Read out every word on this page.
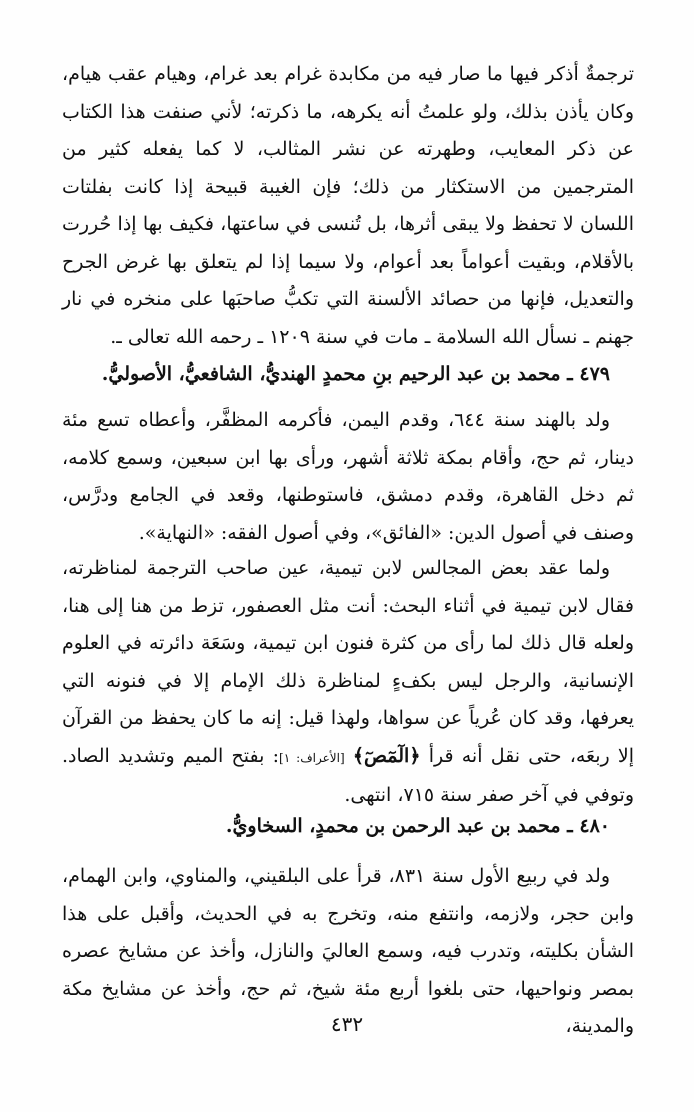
ترجمةٌ أذكر فيها ما صار فيه من مكابدة غرام بعد غرام، وهيام عقب هيام، وكان يأذن بذلك، ولو علمتُ أنه يكرهه، ما ذكرته؛ لأني صنفت هذا الكتاب عن ذكر المعايب، وطهرته عن نشر المثالب، لا كما يفعله كثير من المترجمين من الاستكثار من ذلك؛ فإن الغيبة قبيحة إذا كانت بفلتات اللسان لا تحفظ ولا يبقى أثرها، بل تُنسى في ساعتها، فكيف بها إذا حُررت بالأقلام، وبقيت أعواماً بعد أعوام، ولا سيما إذا لم يتعلق بها غرض الجرح والتعديل، فإنها من حصائد الألسنة التي تكبُّ صاحبَها على منخره في نار جهنم ـ نسأل الله السلامة ـ مات في سنة ١٢٠٩ ـ رحمه الله تعالى ـ.

٤٧٩ ـ محمد بن عبد الرحيم بنِ محمدٍ الهنديُّ، الشافعيُّ، الأصوليُّ.

ولد بالهند سنة ٦٤٤، وقدم اليمن، فأكرمه المظفَّر، وأعطاه تسع مئة دينار، ثم حج، وأقام بمكة ثلاثة أشهر، ورأى بها ابن سبعين، وسمع كلامه، ثم دخل القاهرة، وقدم دمشق، فاستوطنها، وقعد في الجامع ودرَّس، وصنف في أصول الدين: «الفائق»، وفي أصول الفقه: «النهاية».

ولما عقد بعض المجالس لابن تيمية، عين صاحب الترجمة لمناظرته، فقال لابن تيمية في أثناء البحث: أنت مثل العصفور، تزط من هنا إلى هنا، ولعله قال ذلك لما رأى من كثرة فنون ابن تيمية، وسَعَة دائرته في العلوم الإنسانية، والرجل ليس بكفءٍ لمناظرة ذلك الإمام إلا في فنونه التي يعرفها، وقد كان عُرياً عن سواها، ولهذا قيل: إنه ما كان يحفظ من القرآن إلا ربعَه، حتى نقل أنه قرأ ﴿الٓمٓصٓ﴾ [الأعراف: ١]: بفتح الميم وتشديد الصاد. وتوفي في آخر صفر سنة ٧١٥، انتهى.

٤٨٠ ـ محمد بن عبد الرحمن بن محمدٍ، السخاويُّ.

ولد في ربيع الأول سنة ٨٣١، قرأ على البلقيني، والمناوي، وابن الهمام، وابن حجر، ولازمه، وانتفع منه، وتخرج به في الحديث، وأقبل على هذا الشأن بكليته، وتدرب فيه، وسمع العاليَ والنازل، وأخذ عن مشايخ عصره بمصر ونواحيها، حتى بلغوا أربع مئة شيخ، ثم حج، وأخذ عن مشايخ مكة والمدينة،

٤٣٢
